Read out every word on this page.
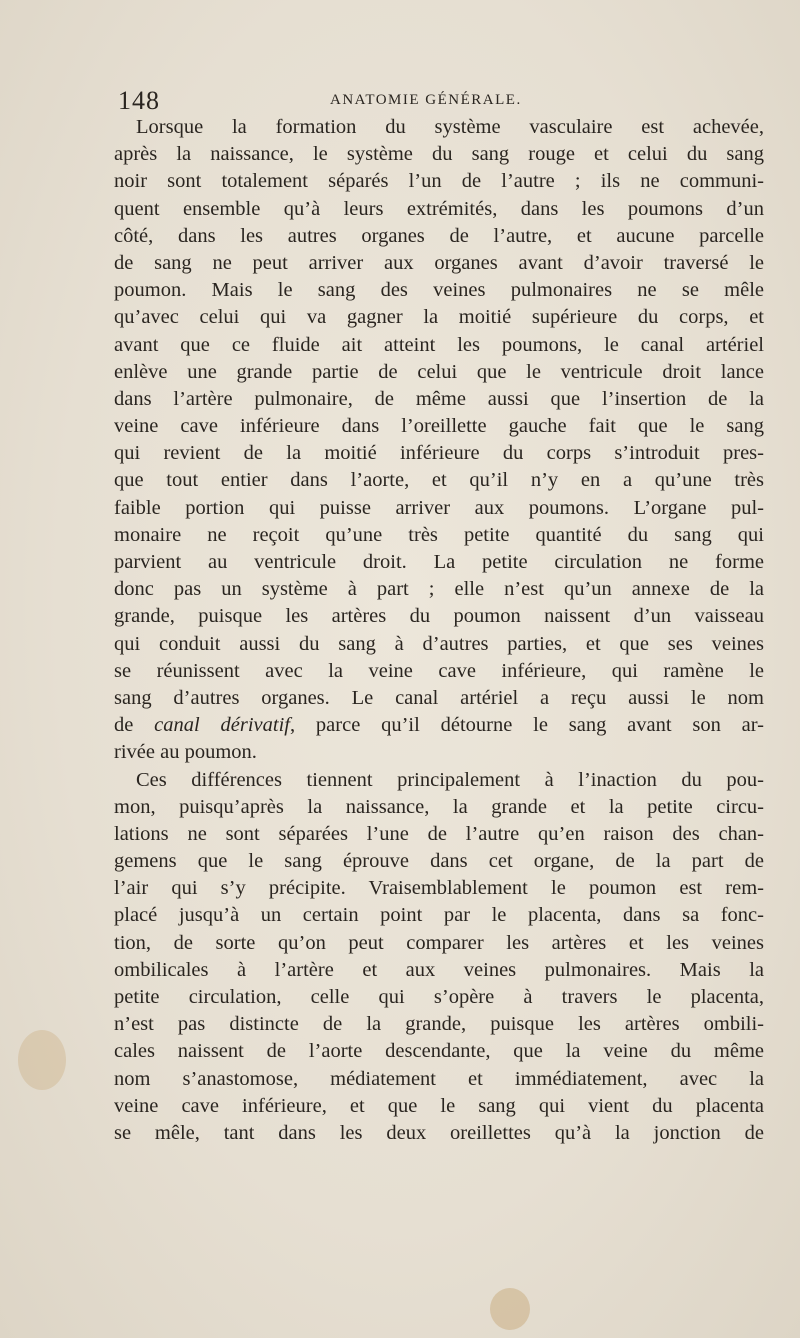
148	ANATOMIE GÉNÉRALE.
Lorsque la formation du système vasculaire est achevée,
après la naissance, le système du sang rouge et celui du sang
noir sont totalement séparés l’un de l’autre ; ils ne communi-
quent ensemble qu’à leurs extrémités, dans les poumons d’un
côté, dans les autres organes de l’autre, et aucune parcelle
de sang ne peut arriver aux organes avant d’avoir traversé le
poumon. Mais le sang des veines pulmonaires ne se mêle
qu’avec celui qui va gagner la moitié supérieure du corps, et
avant que ce fluide ait atteint les poumons, le canal artériel
enlève une grande partie de celui que le ventricule droit lance
dans l’artère pulmonaire, de même aussi que l’insertion de la
veine cave inférieure dans l’oreillette gauche fait que le sang
qui revient de la moitié inférieure du corps s’introduit pres-
que tout entier dans l’aorte, et qu’il n’y en a qu’une très
faible portion qui puisse arriver aux poumons. L’organe pul-
monaire ne reçoit qu’une très petite quantité du sang qui
parvient au ventricule droit. La petite circulation ne forme
donc pas un système à part ; elle n’est qu’un annexe de la
grande, puisque les artères du poumon naissent d’un vaisseau
qui conduit aussi du sang à d’autres parties, et que ses veines
se réunissent avec la veine cave inférieure, qui ramène le
sang d’autres organes. Le canal artériel a reçu aussi le nom
de canal dérivatif, parce qu’il détourne le sang avant son ar-
rivée au poumon.
Ces différences tiennent principalement à l’inaction du pou-
mon, puisqu’après la naissance, la grande et la petite circu-
lations ne sont séparées l’une de l’autre qu’en raison des chan-
gemens que le sang éprouve dans cet organe, de la part de
l’air qui s’y précipite. Vraisemblablement le poumon est rem-
placé jusqu’à un certain point par le placenta, dans sa fonc-
tion, de sorte qu’on peut comparer les artères et les veines
ombilicales à l’artère et aux veines pulmonaires. Mais la
petite circulation, celle qui s’opère à travers le placenta,
n’est pas distincte de la grande, puisque les artères ombili-
cales naissent de l’aorte descendante, que la veine du même
nom s’anastomose, médiatement et immédiatement, avec la
veine cave inférieure, et que le sang qui vient du placenta
se mêle, tant dans les deux oreillettes qu’à la jonction de
